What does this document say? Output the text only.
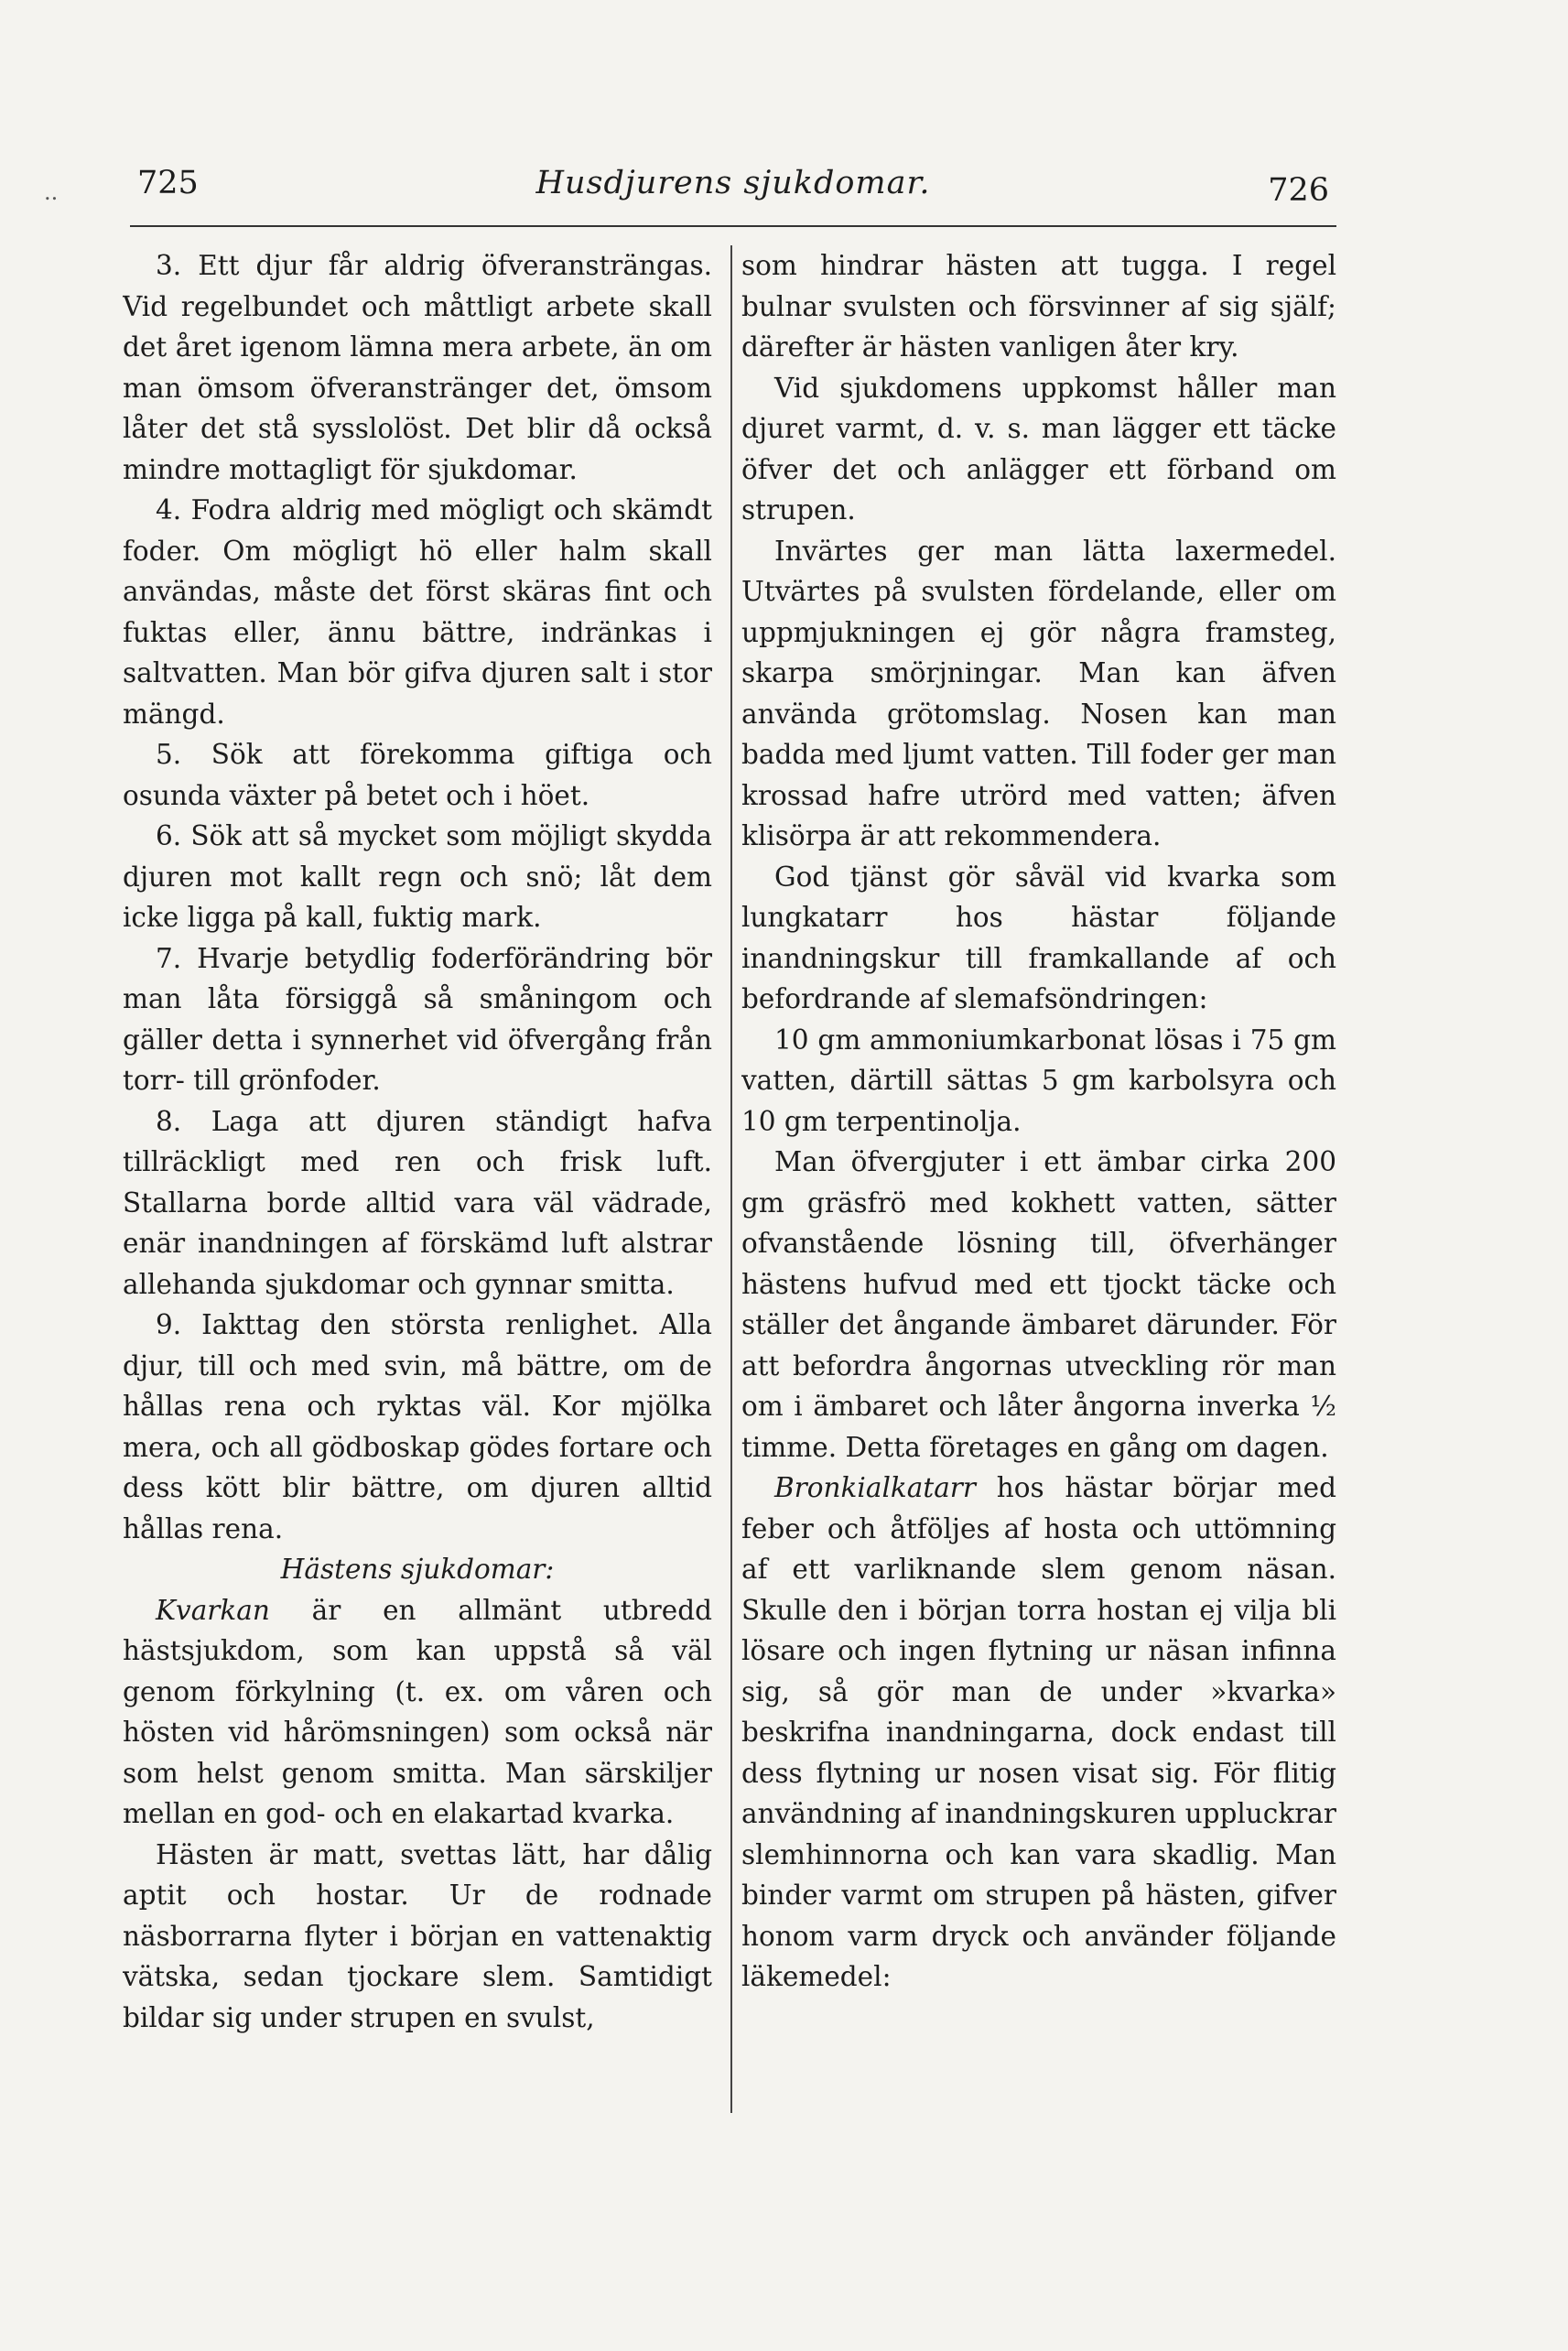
.. 725	Husdjurens sjukdomar.	726

3. Ett djur får aldrig öfveransträngas. Vid regelbundet och måttligt arbete skall det året igenom lämna mera arbete, än om man ömsom öfveranstränger det, ömsom låter det stå sysslolöst. Det blir då också mindre mottagligt för sjukdomar.

4. Fodra aldrig med mögligt och skämdt foder. Om mögligt hö eller halm skall användas, måste det först skäras fint och fuktas eller, ännu bättre, indränkas i saltvatten. Man bör gifva djuren salt i stor mängd.

5. Sök att förekomma giftiga och osunda växter på betet och i höet.

6. Sök att så mycket som möjligt skydda djuren mot kallt regn och snö; låt dem icke ligga på kall, fuktig mark.

7. Hvarje betydlig foderförändring bör man låta försiggå så småningom och gäller detta i synnerhet vid öfvergång från torr- till grönfoder.

8. Laga att djuren ständigt hafva tillräckligt med ren och frisk luft. Stallarna borde alltid vara väl vädrade, enär inandningen af förskämd luft alstrar allehanda sjukdomar och gynnar smitta.

9. Iakttag den största renlighet. Alla djur, till och med svin, må bättre, om de hållas rena och ryktas väl. Kor mjölka mera, och all gödboskap gödes fortare och dess kött blir bättre, om djuren alltid hållas rena.

Hästens sjukdomar:

Kvarkan är en allmänt utbredd hästsjukdom, som kan uppstå så väl genom förkylning (t. ex. om våren och hösten vid hårömsningen) som också när som helst genom smitta. Man särskiljer mellan en god- och en elakartad kvarka.

Hästen är matt, svettas lätt, har dålig aptit och hostar. Ur de rodnade näsborrarna flyter i början en vattenaktig vätska, sedan tjockare slem. Samtidigt bildar sig under strupen en svulst,

som hindrar hästen att tugga. I regel bulnar svulsten och försvinner af sig själf; därefter är hästen vanligen åter kry.

Vid sjukdomens uppkomst håller man djuret varmt, d. v. s. man lägger ett täcke öfver det och anlägger ett förband om strupen.

Invärtes ger man lätta laxermedel. Utvärtes på svulsten fördelande, eller om uppmjukningen ej gör några framsteg, skarpa smörjningar. Man kan äfven använda grötomslag. Nosen kan man badda med ljumt vatten. Till foder ger man krossad hafre utrörd med vatten; äfven klisörpa är att rekommendera.

God tjänst gör såväl vid kvarka som lungkatarr hos hästar följande inandningskur till framkallande af och befordrande af slemafsöndringen:

10 gm ammoniumkarbonat lösas i 75 gm vatten, därtill sättas 5 gm karbolsyra och 10 gm terpentinolja.

Man öfvergjuter i ett ämbar cirka 200 gm gräsfrö med kokhett vatten, sätter ofvanstående lösning till, öfverhänger hästens hufvud med ett tjockt täcke och ställer det ångande ämbaret därunder. För att befordra ångornas utveckling rör man om i ämbaret och låter ångorna inverka ½ timme. Detta företages en gång om dagen.

Bronkialkatarr hos hästar börjar med feber och åtföljes af hosta och uttömning af ett varliknande slem genom näsan. Skulle den i början torra hostan ej vilja bli lösare och ingen flytning ur näsan infinna sig, så gör man de under »kvarka» beskrifna inandningarna, dock endast till dess flytning ur nosen visat sig. För flitig användning af inandningskuren uppluckrar slemhinnorna och kan vara skadlig. Man binder varmt om strupen på hästen, gifver honom varm dryck och använder följande läkemedel:
